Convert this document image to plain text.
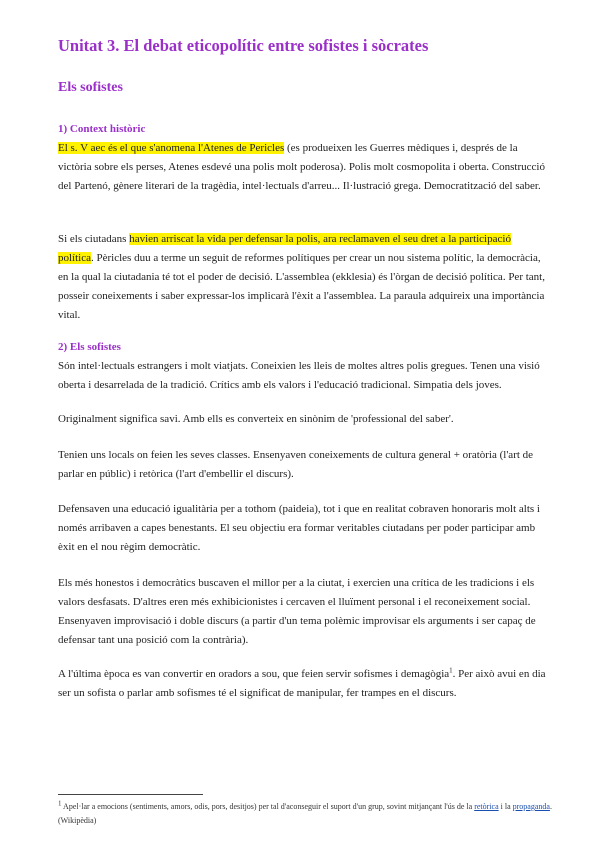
Unitat 3. El debat eticopolític entre sofistes i sòcrates
Els sofistes
1) Context històric

El s. V aec és el que s'anomena l'Atenes de Pericles (es produeixen les Guerres mèdiques i, després de la victòria sobre els perses, Atenes esdevé una polis molt poderosa). Polis molt cosmopolita i oberta. Construcció del Partenó, gènere literari de la tragèdia, intel·lectuals d'arreu... Il·lustració grega. Democratització del saber.

Si els ciutadans havien arriscat la vida per defensar la polis, ara reclamaven el seu dret a la participació política. Pèricles duu a terme un seguit de reformes polítiques per crear un nou sistema polític, la democràcia, en la qual la ciutadania té tot el poder de decisió. L'assemblea (ekklesia) és l'òrgan de decisió política. Per tant, posseir coneixements i saber expressar-los implicarà l'èxit a l'assemblea. La paraula adquireix una importància vital.

2) Els sofistes

Són intel·lectuals estrangers i molt viatjats. Coneixien les lleis de moltes altres polis gregues. Tenen una visió oberta i desarrelada de la tradició. Crítics amb els valors i l'educació tradicional. Simpatia dels joves.

Originalment significa savi. Amb ells es converteix en sinònim de 'professional del saber'.

Tenien uns locals on feien les seves classes. Ensenyaven coneixements de cultura general + oratòria (l'art de parlar en públic) i retòrica (l'art d'embellir el discurs).

Defensaven una educació igualitària per a tothom (paideia), tot i que en realitat cobraven honoraris molt alts i només arribaven a capes benestants. El seu objectiu era formar veritables ciutadans per poder participar amb èxit en el nou règim democràtic.

Els més honestos i democràtics buscaven el millor per a la ciutat, i exercien una crítica de les tradicions i els valors desfasats. D'altres eren més exhibicionistes i cercaven el lluïment personal i el reconeixement social. Ensenyaven improvisació i doble discurs (a partir d'un tema polèmic improvisar els arguments i ser capaç de defensar tant una posició com la contrària).

A l'última època es van convertir en oradors a sou, que feien servir sofismes i demagògia$^1$. Per això avui en dia ser un sofista o parlar amb sofismes té el significat de manipular, fer trampes en el discurs.

$^1$ Apel·lar a emocions (sentiments, amors, odis, pors, desitjos) per tal d'aconseguir el suport d'un grup, sovint mitjançant l'ús de la retòrica i la propaganda. (Wikipèdia)
